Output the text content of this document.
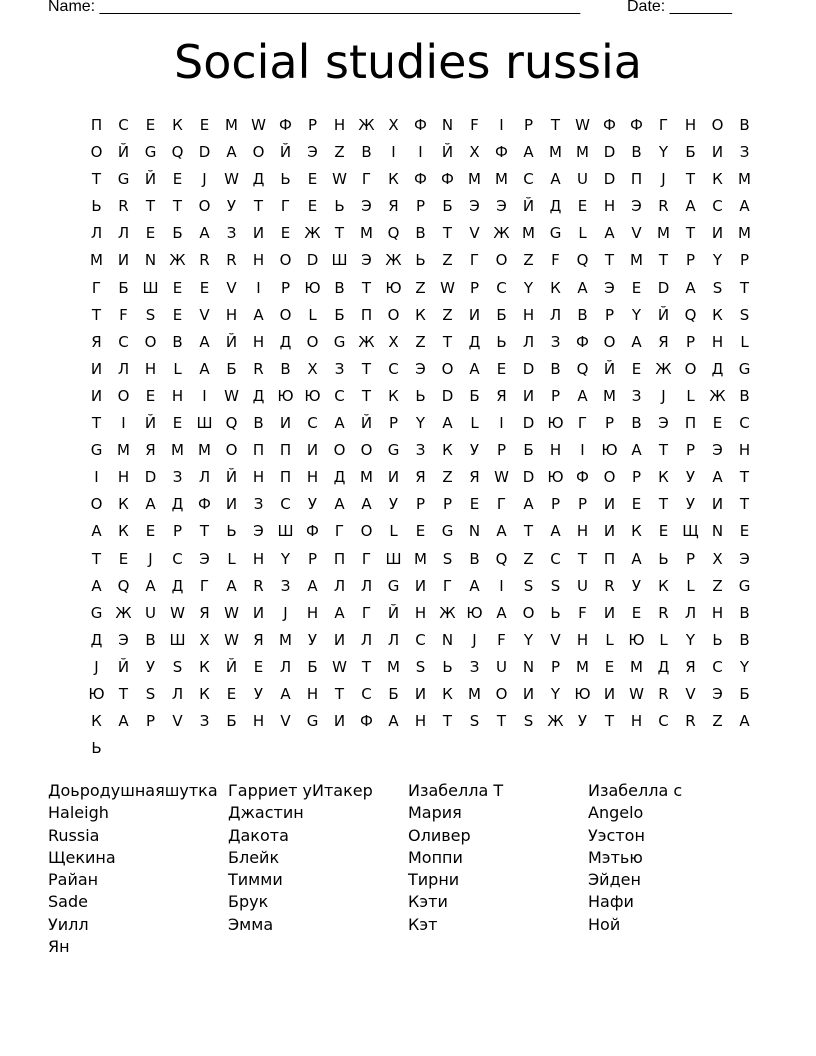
Name: ______________________________________________________	Date: _______
Social studies russia
П	С	Е	К	Е	М W Ф	Р	Н Ж Х	Ф N	F	І	Р	Т	W Ф Ф	Г	Н	О	В
О	Й	G	Q	D	А	О	Й	Э	Z	В	І	І	Й	Х	Ф	А	М М D	В	Y	Б	И	З
Т	G	Й	Е	J	W Д	Ь	Е W	Г	К	Ф Ф М М	С	А	U	D	П	J	Т	К	М
Ь	R	Т	Т	О	У	Т	Г	Е	Ь	Э	Я	Р	Б	Э	Э	Й	Д	Е	Н	Э	R	А	С	А
Л	Л	Е	Б	А	З	И	Е Ж Т	М Q	В	Т	V Ж М G	L	А	V	М	Т	И М
М И	N Ж R	R	Н	О	D Ш Э Ж Ь	Z	Г	О	Z	F	Q	Т	М	Т	Р	Y	Р
Г	Б Ш Е	Е	V	І	Р Ю В	Т Ю Z W	Р	С	Y	К	А	Э	Е	D	А	S	Т
Т	F	S	Е	V	Н	А	О	L	Б	П	О	К	Z	И	Б	Н	Л	В	Р	Y	Й	Q	К	S
Я	С	О	В	А	Й	Н	Д	О	G Ж Х	Z	Т	Д	Ь	Л	З	Ф О	А	Я	Р	Н	L
И	Л	Н	L	А	Б	R	В	Х	З	Т	С	Э	О	А	Е	D	В	Q	Й	Е Ж О	Д	G
И	О	Е	Н	І	W Д Ю Ю С	Т	К	Ь	D	Б	Я	И	Р	А	М	З	J	L Ж В
Т	І	Й	Е Ш Q	В	И	С	А	Й	Р	Y	А	L	І	D Ю Г	Р	В	Э	П	Е	С
G М	Я	М М О	П	П	И	О	О	G	З	К	У	Р	Б	Н	І	Ю А	Т	Р	Э	Н
І	Н	D	З	Л	Й	Н	П	Н	Д М И	Я	Z	Я W D Ю Ф О	Р	К	У	А	Т
О	К	А	Д Ф И	З	С	У	А	А	У	Р	Р	Е	Г	А	Р	Р	И	Е	Т	У	И	Т
А	К	Е	Р	Т	Ь	Э Ш Ф	Г	О	L	Е	G	N	А	Т	А	Н	И	К	Е Щ N	Е
Т	Е	J	С	Э	L	Н	Y	Р	П	Г Ш М	S	В	Q	Z	С	Т	П	А	Ь	Р	Х	Э
А	Q	А	Д	Г	А	R	З	А	Л	Л	G	И	Г	А	І	S	S	U	R	У	К	L	Z	G
G Ж U W Я W И	J	Н	А	Г	Й	Н Ж Ю А	О	Ь	F	И	Е	R	Л	Н	В
Д	Э	В Ш Х W Я	М	У	И	Л	Л	С	N	J	F	Y	V	Н	L Ю L	Y	Ь	В
J	Й	У	S	К	Й	Е	Л	Б W Т	М	S	Ь	З	U	N	Р	М	Е	М Д	Я	С	Y
Ю Т	S	Л	К	Е	У	А	Н	Т	С	Б	И	К	М О	И	Y Ю И W R	V	Э	Б
К	А	Р	V	З	Б	Н	V	G	И Ф	А	Н	Т	S	Т	S Ж У	Т	Н	С	R	Z	А
Ь
Доьродушнаяшутка
Haleigh
Russia
Щекина
Райан
Sade
Уилл
Ян
Гарриет уИтакер
Джастин
Дакота
Блейк
Тимми
Брук
Эмма
Изабелла Т
Мария
Оливер
Моппи
Тирни
Кэти
Кэт
Изабелла с
Angelo
Уэстон
Мэтью
Эйден
Нафи
Ной
